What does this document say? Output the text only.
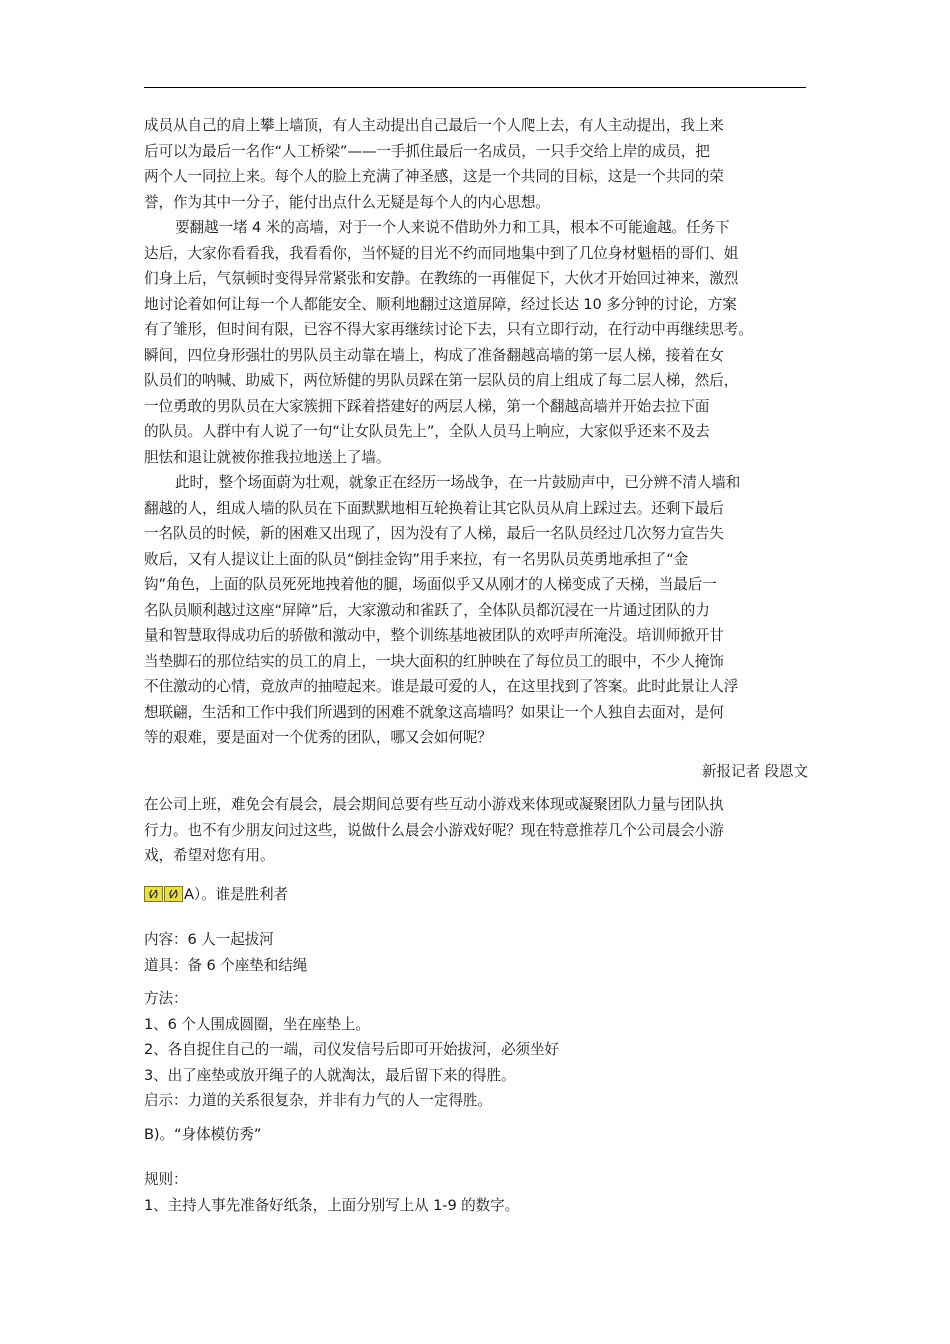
成员从自己的肩上攀上墙顶，有人主动提出自己最后一个人爬上去，有人主动提出，我上来

后可以为最后一名作“人工桥梁”——一手抓住最后一名成员，一只手交给上岸的成员，把

两个人一同拉上来。每个人的脸上充满了神圣感，这是一个共同的目标，这是一个共同的荣

誉，作为其中一分子，能付出点什么无疑是每个人的内心思想。

要翻越一堵 4 米的高墙，对于一个人来说不借助外力和工具，根本不可能逾越。任务下

达后，大家你看看我，我看看你，当怀疑的目光不约而同地集中到了几位身材魁梧的哥们、姐

们身上后，气氛顿时变得异常紧张和安静。在教练的一再催促下，大伙才开始回过神来，激烈

地讨论着如何让每一个人都能安全、顺利地翻过这道屏障，经过长达 10 多分钟的讨论，方案

有了雏形，但时间有限，已容不得大家再继续讨论下去，只有立即行动，在行动中再继续思考。

瞬间，四位身形强壮的男队员主动靠在墙上，构成了准备翻越高墙的第一层人梯，接着在女

队员们的呐喊、助威下，两位矫健的男队员踩在第一层队员的肩上组成了每二层人梯，然后，

一位勇敢的男队员在大家簇拥下踩着搭建好的两层人梯，第一个翻越高墙并开始去拉下面

的队员。人群中有人说了一句“让女队员先上”，全队人员马上响应，大家似乎还来不及去

胆怯和退让就被你推我拉地送上了墙。

此时，整个场面蔚为壮观，就象正在经历一场战争，在一片鼓励声中，已分辨不清人墙和

翻越的人，组成人墙的队员在下面默默地相互轮换着让其它队员从肩上踩过去。还剩下最后

一名队员的时候，新的困难又出现了，因为没有了人梯，最后一名队员经过几次努力宣告失

败后，又有人提议让上面的队员“倒挂金钩”用手来拉，有一名男队员英勇地承担了“金

钩”角色，上面的队员死死地拽着他的腿，场面似乎又从刚才的人梯变成了天梯，当最后一

名队员顺利越过这座“屏障”后，大家激动和雀跃了，全体队员都沉浸在一片通过团队的力

量和智慧取得成功后的骄傲和激动中，整个训练基地被团队的欢呼声所淹没。培训师掀开甘

当垫脚石的那位结实的员工的肩上，一块大面积的红肿映在了每位员工的眼中，不少人掩饰

不住激动的心情，竟放声的抽噎起来。谁是最可爱的人，在这里找到了答案。此时此景让人浮

想联翩，生活和工作中我们所遇到的困难不就象这高墙吗？如果让一个人独自去面对，是何

等的艰难，要是面对一个优秀的团队，哪又会如何呢？

新报记者 段恩文

在公司上班，难免会有晨会，晨会期间总要有些互动小游戏来体现或凝聚团队力量与团队执

行力。也不有少朋友问过这些，说做什么晨会小游戏好呢？现在特意推荐几个公司晨会小游

戏，希望对您有用。

A）。谁是胜利者

内容：6 人一起拔河

道具：备 6 个座垫和结绳

方法：

1、6 个人围成圆圈，坐在座垫上。

2、各自捉住自己的一端，司仪发信号后即可开始拔河，必须坐好

3、出了座垫或放开绳子的人就淘汰，最后留下来的得胜。

启示：力道的关系很复杂，并非有力气的人一定得胜。

B)。“身体模仿秀”

规则：

1、主持人事先准备好纸条，上面分别写上从 1-9 的数字。
